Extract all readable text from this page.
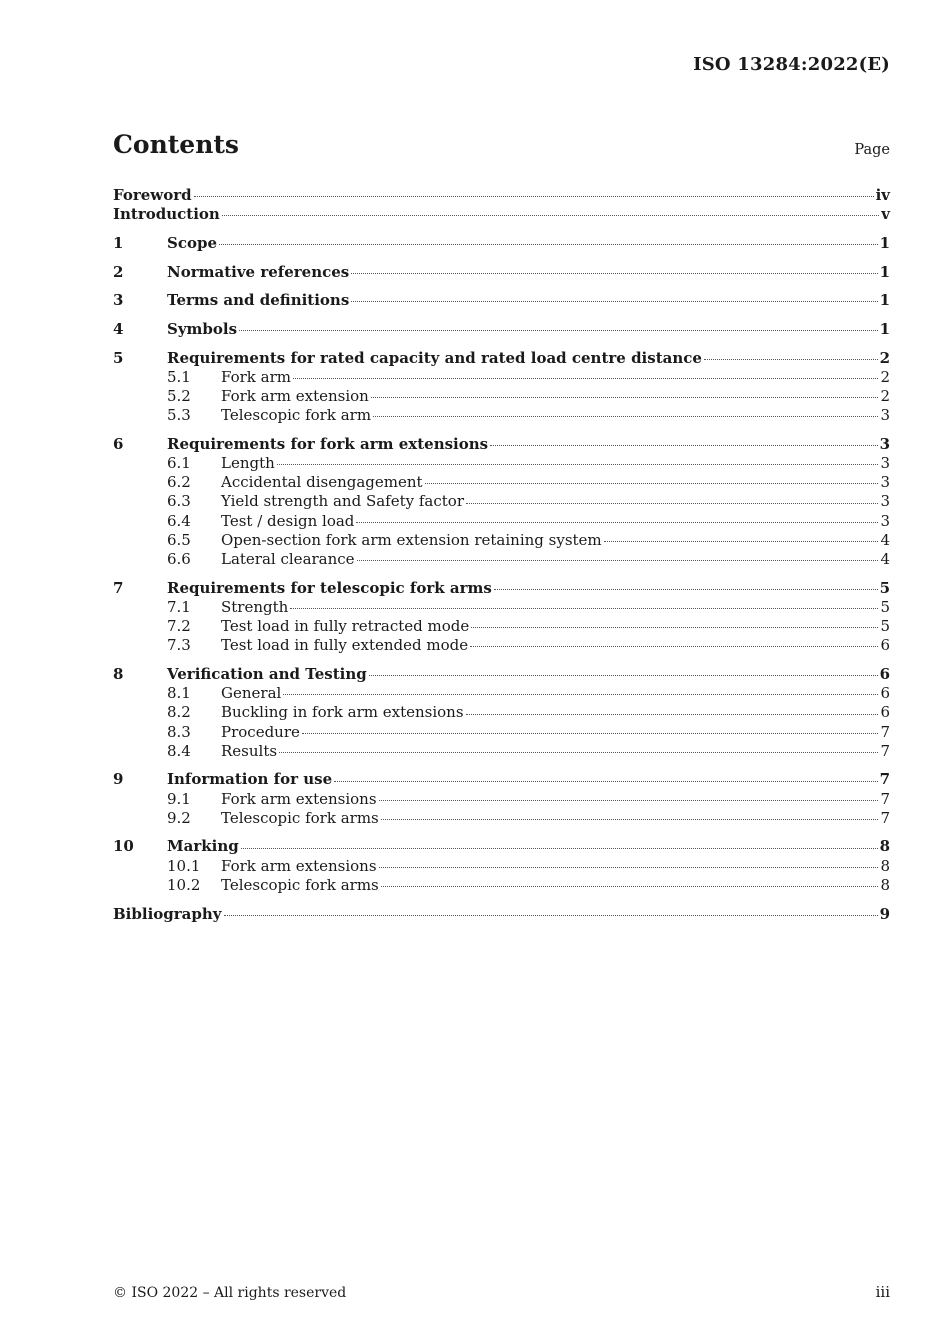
ISO 13284:2022(E)
Contents	Page
Foreword	iv
Introduction	v
1	Scope	1
2	Normative references	1
3	Terms and definitions	1
4	Symbols	1
5	Requirements for rated capacity and rated load centre distance	2
5.1	Fork arm	2
5.2	Fork arm extension	2
5.3	Telescopic fork arm	3
6	Requirements for fork arm extensions	3
6.1	Length	3
6.2	Accidental disengagement	3
6.3	Yield strength and Safety factor	3
6.4	Test / design load	3
6.5	Open-section fork arm extension retaining system	4
6.6	Lateral clearance	4
7	Requirements for telescopic fork arms	5
7.1	Strength	5
7.2	Test load in fully retracted mode	5
7.3	Test load in fully extended mode	6
8	Verification and Testing	6
8.1	General	6
8.2	Buckling in fork arm extensions	6
8.3	Procedure	7
8.4	Results	7
9	Information for use	7
9.1	Fork arm extensions	7
9.2	Telescopic fork arms	7
10	Marking	8
10.1	Fork arm extensions	8
10.2	Telescopic fork arms	8
Bibliography	9
© ISO 2022 – All rights reserved	iii
